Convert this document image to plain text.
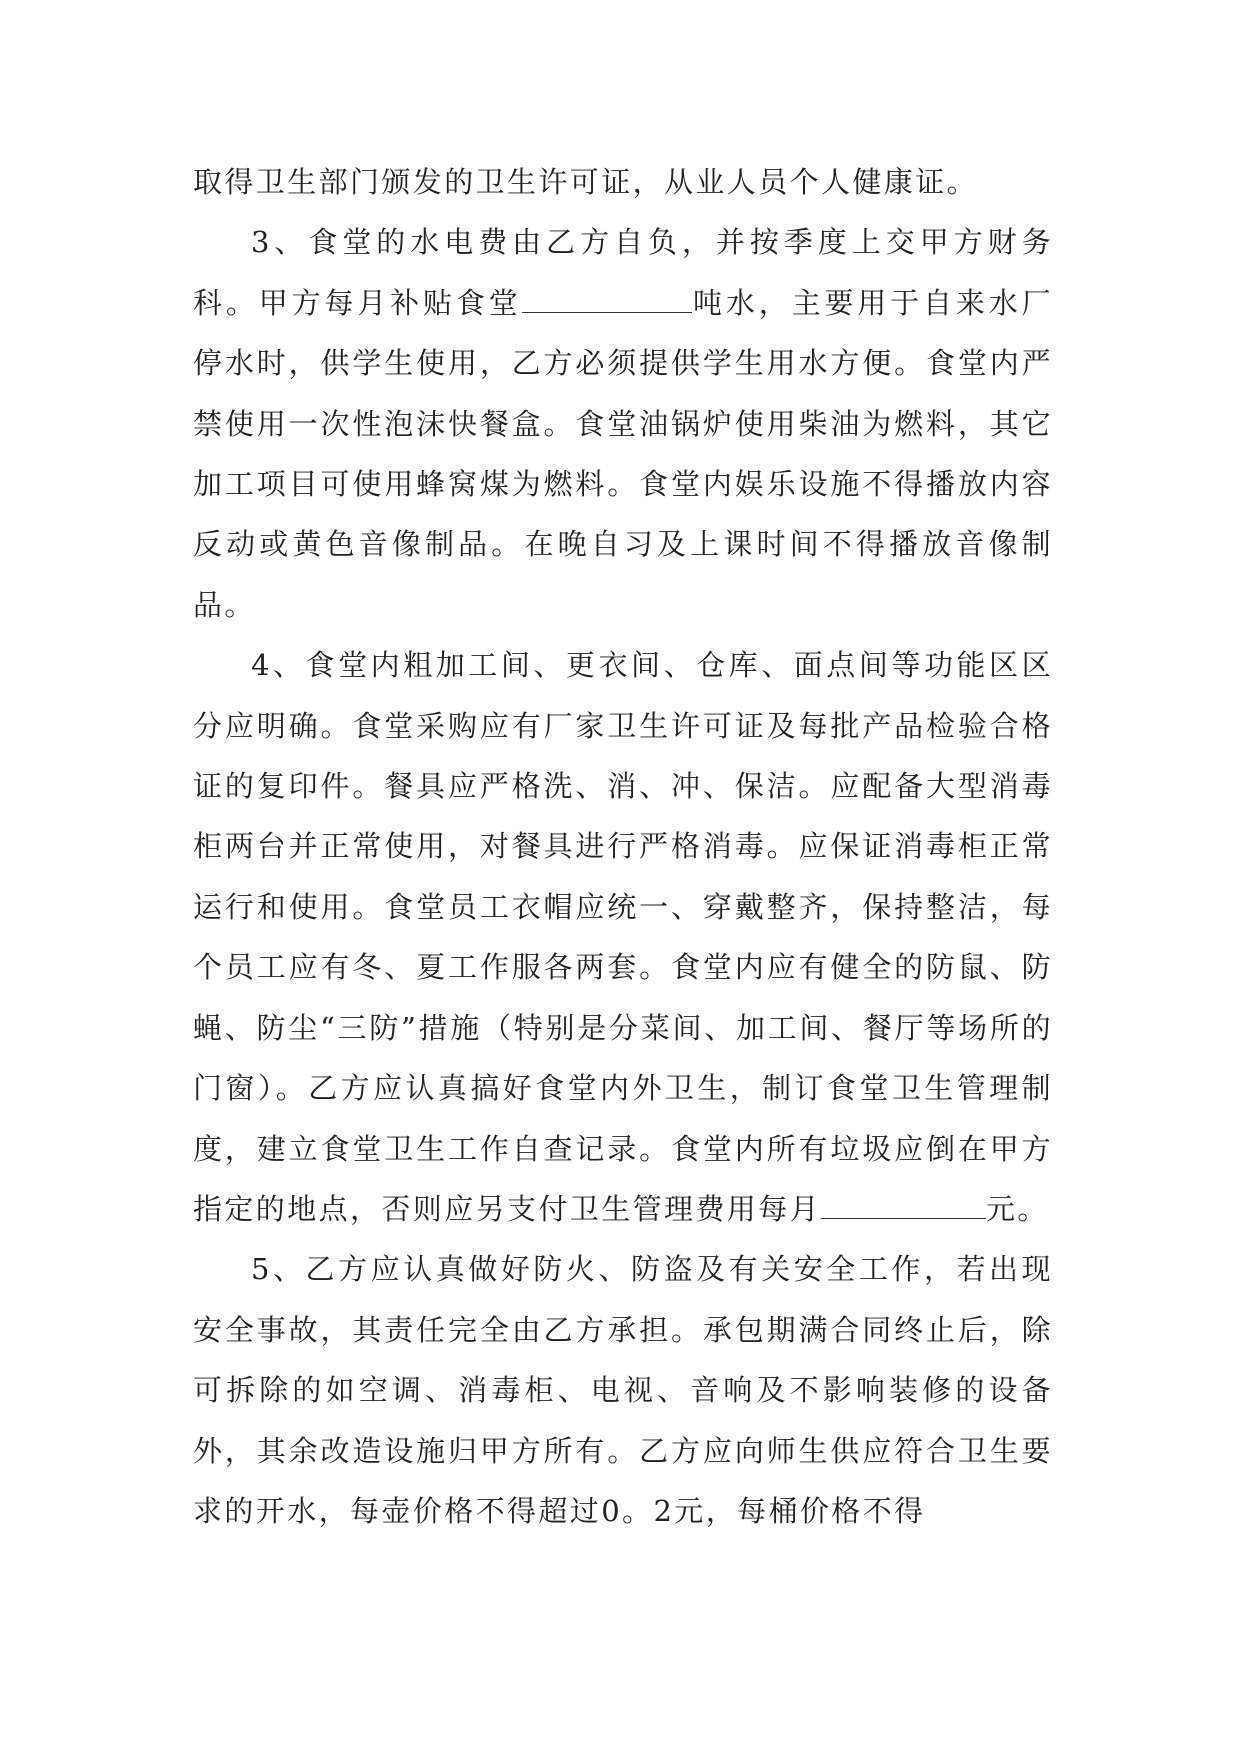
取得卫生部门颁发的卫生许可证，从业人员个人健康证。

3、食堂的水电费由乙方自负，并按季度上交甲方财务科。甲方每月补贴食堂	吨水，主要用于自来水厂停水时，供学生使用，乙方必须提供学生用水方便。食堂内严禁使用一次性泡沫快餐盒。食堂油锅炉使用柴油为燃料，其它加工项目可使用蜂窝煤为燃料。食堂内娱乐设施不得播放内容反动或黄色音像制品。在晚自习及上课时间不得播放音像制品。

4、食堂内粗加工间、更衣间、仓库、面点间等功能区区分应明确。食堂采购应有厂家卫生许可证及每批产品检验合格证的复印件。餐具应严格洗、消、冲、保洁。应配备大型消毒柜两台并正常使用，对餐具进行严格消毒。应保证消毒柜正常运行和使用。食堂员工衣帽应统一、穿戴整齐，保持整洁，每个员工应有冬、夏工作服各两套。食堂内应有健全的防鼠、防蝇、防尘“三防”措施（特别是分菜间、加工间、餐厅等场所的门窗）。乙方应认真搞好食堂内外卫生，制订食堂卫生管理制度，建立食堂卫生工作自查记录。食堂内所有垃圾应倒在甲方指定的地点，否则应另支付卫生管理费用每月	元。

5、乙方应认真做好防火、防盗及有关安全工作，若出现安全事故，其责任完全由乙方承担。承包期满合同终止后，除可拆除的如空调、消毒柜、电视、音响及不影响装修的设备外，其余改造设施归甲方所有。乙方应向师生供应符合卫生要求的开水，每壶价格不得超过0。2元，每桶价格不得
